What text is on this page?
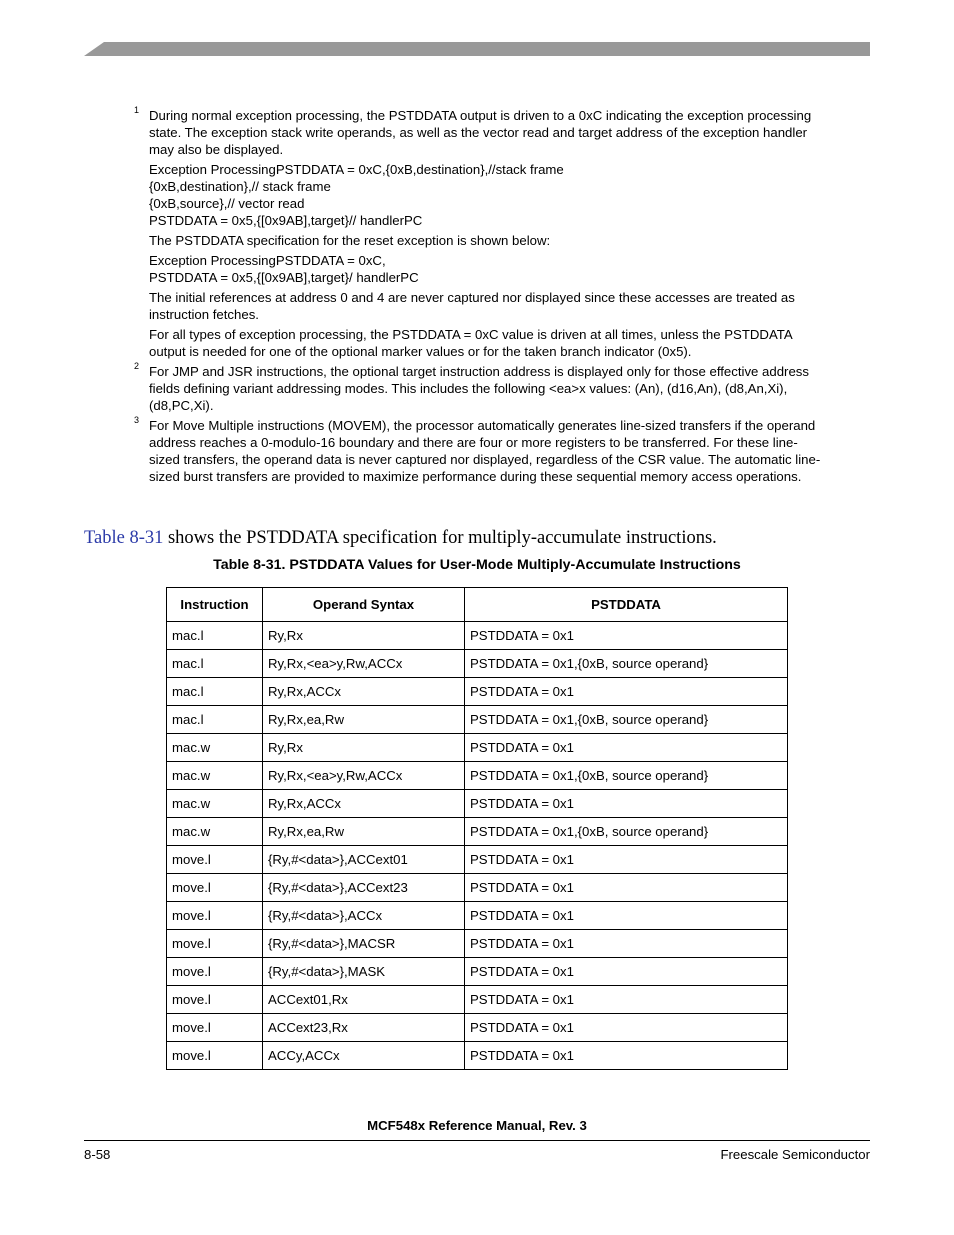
1 During normal exception processing, the PSTDDATA output is driven to a 0xC indicating the exception processing state. The exception stack write operands, as well as the vector read and target address of the exception handler may also be displayed.

Exception ProcessingPSTDDATA = 0xC,{0xB,destination},//stack frame
{0xB,destination},// stack frame
{0xB,source},// vector read
PSTDDATA = 0x5,{[0x9AB],target}// handlerPC

The PSTDDATA specification for the reset exception is shown below:

Exception ProcessingPSTDDATA = 0xC,
PSTDDATA = 0x5,{[0x9AB],target}/ handlerPC

The initial references at address 0 and 4 are never captured nor displayed since these accesses are treated as instruction fetches.

For all types of exception processing, the PSTDDATA = 0xC value is driven at all times, unless the PSTDDATA output is needed for one of the optional marker values or for the taken branch indicator (0x5).

2 For JMP and JSR instructions, the optional target instruction address is displayed only for those effective address fields defining variant addressing modes. This includes the following <ea>x values: (An), (d16,An), (d8,An,Xi), (d8,PC,Xi).

3 For Move Multiple instructions (MOVEM), the processor automatically generates line-sized transfers if the operand address reaches a 0-modulo-16 boundary and there are four or more registers to be transferred. For these line-sized transfers, the operand data is never captured nor displayed, regardless of the CSR value. The automatic line-sized burst transfers are provided to maximize performance during these sequential memory access operations.

Table 8-31 shows the PSTDDATA specification for multiply-accumulate instructions.
Table 8-31. PSTDDATA Values for User-Mode Multiply-Accumulate Instructions
Instruction	Operand Syntax	PSTDDATA
mac.l	Ry,Rx	PSTDDATA = 0x1
mac.l	Ry,Rx,<ea>y,Rw,ACCx	PSTDDATA = 0x1,{0xB, source operand}
mac.l	Ry,Rx,ACCx	PSTDDATA = 0x1
mac.l	Ry,Rx,ea,Rw	PSTDDATA = 0x1,{0xB, source operand}
mac.w	Ry,Rx	PSTDDATA = 0x1
mac.w	Ry,Rx,<ea>y,Rw,ACCx	PSTDDATA = 0x1,{0xB, source operand}
mac.w	Ry,Rx,ACCx	PSTDDATA = 0x1
mac.w	Ry,Rx,ea,Rw	PSTDDATA = 0x1,{0xB, source operand}
move.l	{Ry,#<data>},ACCext01	PSTDDATA = 0x1
move.l	{Ry,#<data>},ACCext23	PSTDDATA = 0x1
move.l	{Ry,#<data>},ACCx	PSTDDATA = 0x1
move.l	{Ry,#<data>},MACSR	PSTDDATA = 0x1
move.l	{Ry,#<data>},MASK	PSTDDATA = 0x1
move.l	ACCext01,Rx	PSTDDATA = 0x1
move.l	ACCext23,Rx	PSTDDATA = 0x1
move.l	ACCy,ACCx	PSTDDATA = 0x1
MCF548x Reference Manual, Rev. 3
8-58	Freescale Semiconductor
